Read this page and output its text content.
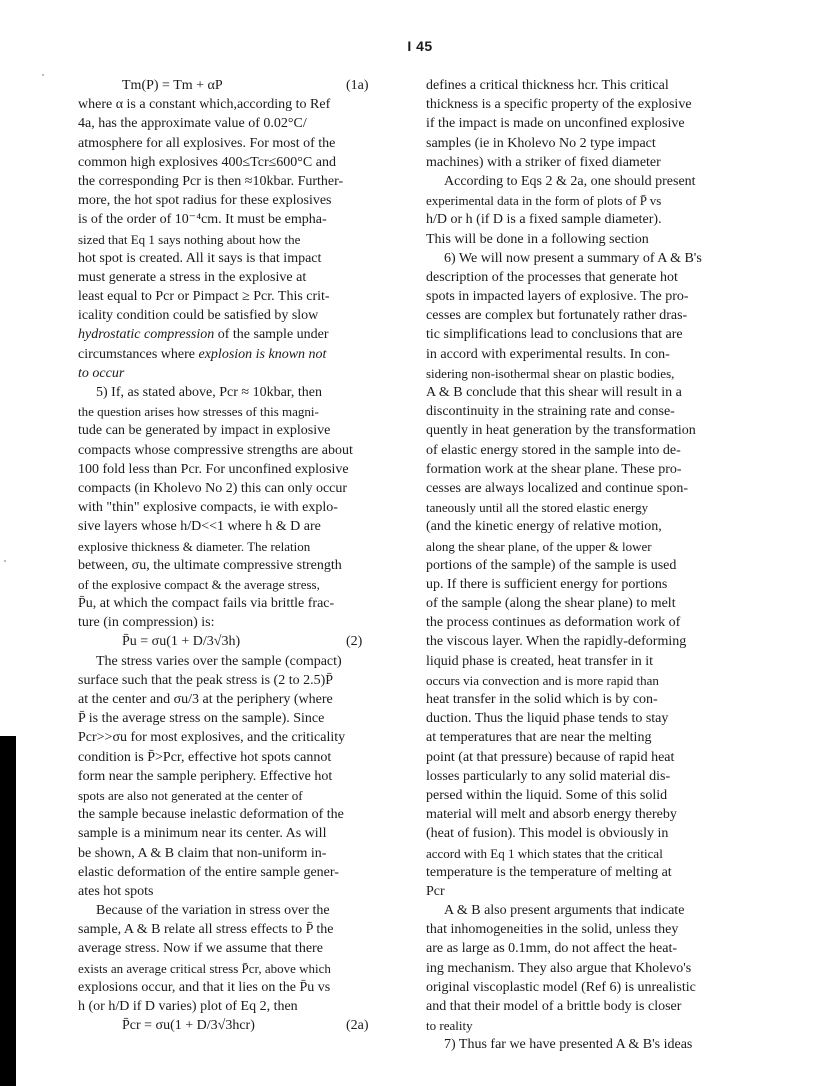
I 45
Tm(P) = Tm + αP	(1a)
where α is a constant which,according to Ref
4a, has the approximate value of 0.02°C/
atmosphere for all explosives. For most of the
common high explosives 400≤Tcr≤600°C and
the corresponding Pcr is then ≈10kbar. Further-
more, the hot spot radius for these explosives
is of the order of 10⁻⁴cm. It must be empha-
sized that Eq 1 says nothing about how the
hot spot is created. All it says is that impact
must generate a stress in the explosive at
least equal to Pcr or Pimpact ≥ Pcr. This crit-
icality condition could be satisfied by slow
hydrostatic compression of the sample under
circumstances where explosion is known not
to occur
5) If, as stated above, Pcr ≈ 10kbar, then
the question arises how stresses of this magni-
tude can be generated by impact in explosive
compacts whose compressive strengths are about
100 fold less than Pcr. For unconfined explosive
compacts (in Kholevo No 2) this can only occur
with "thin" explosive compacts, ie with explo-
sive layers whose h/D<<1 where h & D are
explosive thickness & diameter. The relation
between, σu, the ultimate compressive strength
of the explosive compact & the average stress,
P̄u, at which the compact fails via brittle frac-
ture (in compression) is:
P̄u = σu(1 + D/3√3h)	(2)
The stress varies over the sample (compact)
surface such that the peak stress is (2 to 2.5)P̄
at the center and σu/3 at the periphery (where
P̄ is the average stress on the sample). Since
Pcr>>σu for most explosives, and the criticality
condition is P̄>Pcr, effective hot spots cannot
form near the sample periphery. Effective hot
spots are also not generated at the center of
the sample because inelastic deformation of the
sample is a minimum near its center. As will
be shown, A & B claim that non-uniform in-
elastic deformation of the entire sample gener-
ates hot spots
Because of the variation in stress over the
sample, A & B relate all stress effects to P̄ the
average stress. Now if we assume that there
exists an average critical stress P̄cr, above which
explosions occur, and that it lies on the P̄u vs
h (or h/D if D varies) plot of Eq 2, then
P̄cr = σu(1 + D/3√3hcr)	(2a)
defines a critical thickness hcr. This critical
thickness is a specific property of the explosive
if the impact is made on unconfined explosive
samples (ie in Kholevo No 2 type impact
machines) with a striker of fixed diameter
According to Eqs 2 & 2a, one should present
experimental data in the form of plots of P̄ vs
h/D or h (if D is a fixed sample diameter).
This will be done in a following section
6) We will now present a summary of A & B's
description of the processes that generate hot
spots in impacted layers of explosive. The pro-
cesses are complex but fortunately rather dras-
tic simplifications lead to conclusions that are
in accord with experimental results. In con-
sidering non-isothermal shear on plastic bodies,
A & B conclude that this shear will result in a
discontinuity in the straining rate and conse-
quently in heat generation by the transformation
of elastic energy stored in the sample into de-
formation work at the shear plane. These pro-
cesses are always localized and continue spon-
taneously until all the stored elastic energy
(and the kinetic energy of relative motion,
along the shear plane, of the upper & lower
portions of the sample) of the sample is used
up. If there is sufficient energy for portions
of the sample (along the shear plane) to melt
the process continues as deformation work of
the viscous layer. When the rapidly-deforming
liquid phase is created, heat transfer in it
occurs via convection and is more rapid than
heat transfer in the solid which is by con-
duction. Thus the liquid phase tends to stay
at temperatures that are near the melting
point (at that pressure) because of rapid heat
losses particularly to any solid material dis-
persed within the liquid. Some of this solid
material will melt and absorb energy thereby
(heat of fusion). This model is obviously in
accord with Eq 1 which states that the critical
temperature is the temperature of melting at
Pcr
A & B also present arguments that indicate
that inhomogeneities in the solid, unless they
are as large as 0.1mm, do not affect the heat-
ing mechanism. They also argue that Kholevo's
original viscoplastic model (Ref 6) is unrealistic
and that their model of a brittle body is closer
to reality
7) Thus far we have presented A & B's ideas
